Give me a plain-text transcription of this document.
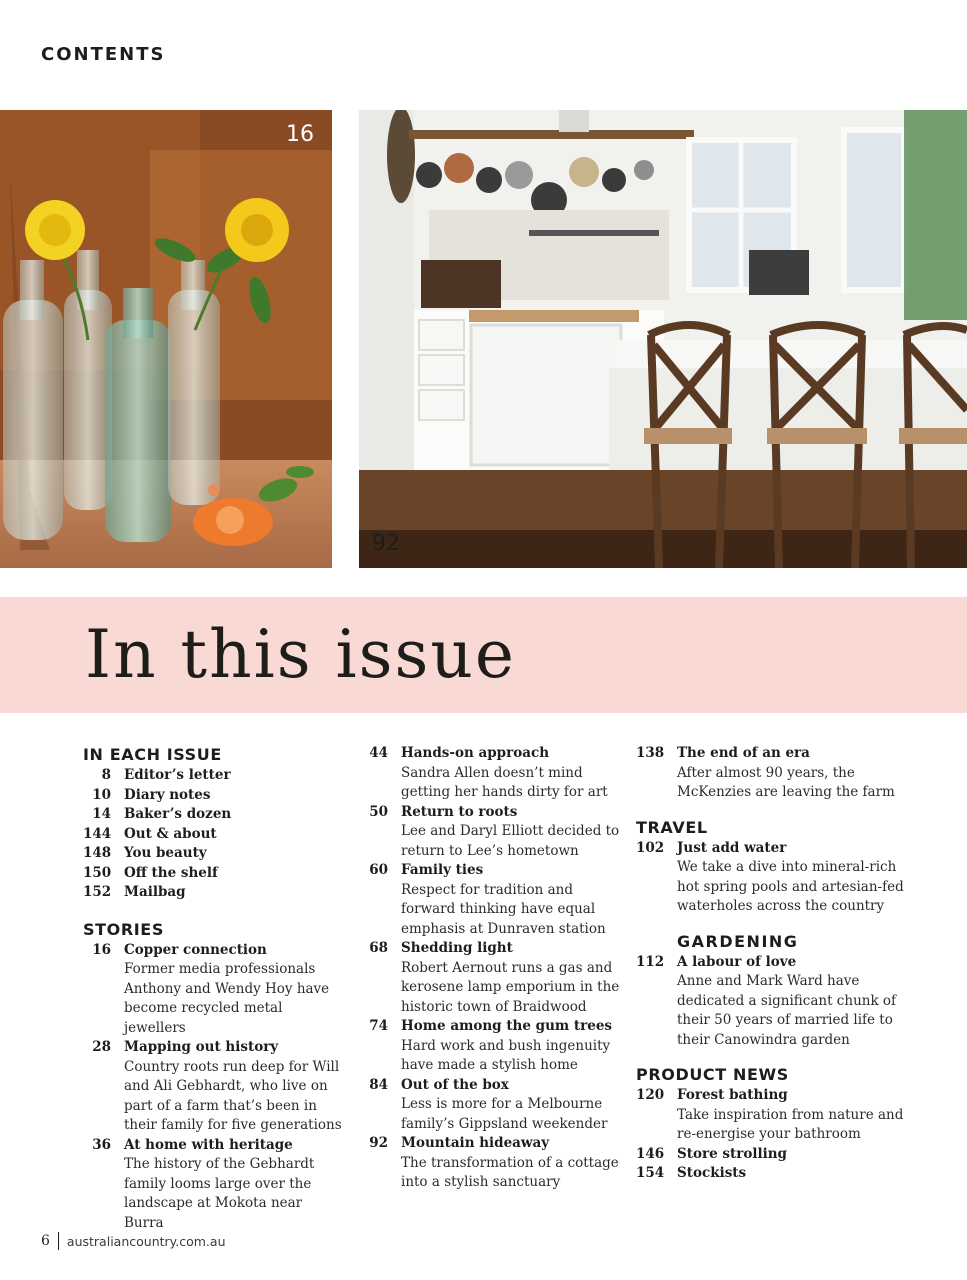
CONTENTS
16
92
In this issue
IN EACH ISSUE
8 Editor’s letter
10 Diary notes
14 Baker’s dozen
144 Out & about
148 You beauty
150 Off the shelf
152 Mailbag
STORIES
16 Copper connection
Former media professionals Anthony and Wendy Hoy have become recycled metal jewellers
28 Mapping out history
Country roots run deep for Will and Ali Gebhardt, who live on part of a farm that’s been in their family for five generations
36 At home with heritage
The history of the Gebhardt family looms large over the landscape at Mokota near Burra
44 Hands-on approach
Sandra Allen doesn’t mind getting her hands dirty for art
50 Return to roots
Lee and Daryl Elliott decided to return to Lee’s hometown
60 Family ties
Respect for tradition and forward thinking have equal emphasis at Dunraven station
68 Shedding light
Robert Aernout runs a gas and kerosene lamp emporium in the historic town of Braidwood
74 Home among the gum trees
Hard work and bush ingenuity have made a stylish home
84 Out of the box
Less is more for a Melbourne family’s Gippsland weekender
92 Mountain hideaway
The transformation of a cottage into a stylish sanctuary
138 The end of an era
After almost 90 years, the McKenzies are leaving the farm
TRAVEL
102 Just add water
We take a dive into mineral-rich hot spring pools and artesian-fed waterholes across the country
GARDENING
112 A labour of love
Anne and Mark Ward have dedicated a significant chunk of their 50 years of married life to their Canowindra garden
PRODUCT NEWS
120 Forest bathing
Take inspiration from nature and re-energise your bathroom
146 Store strolling
154 Stockists
6 australiancountry.com.au
